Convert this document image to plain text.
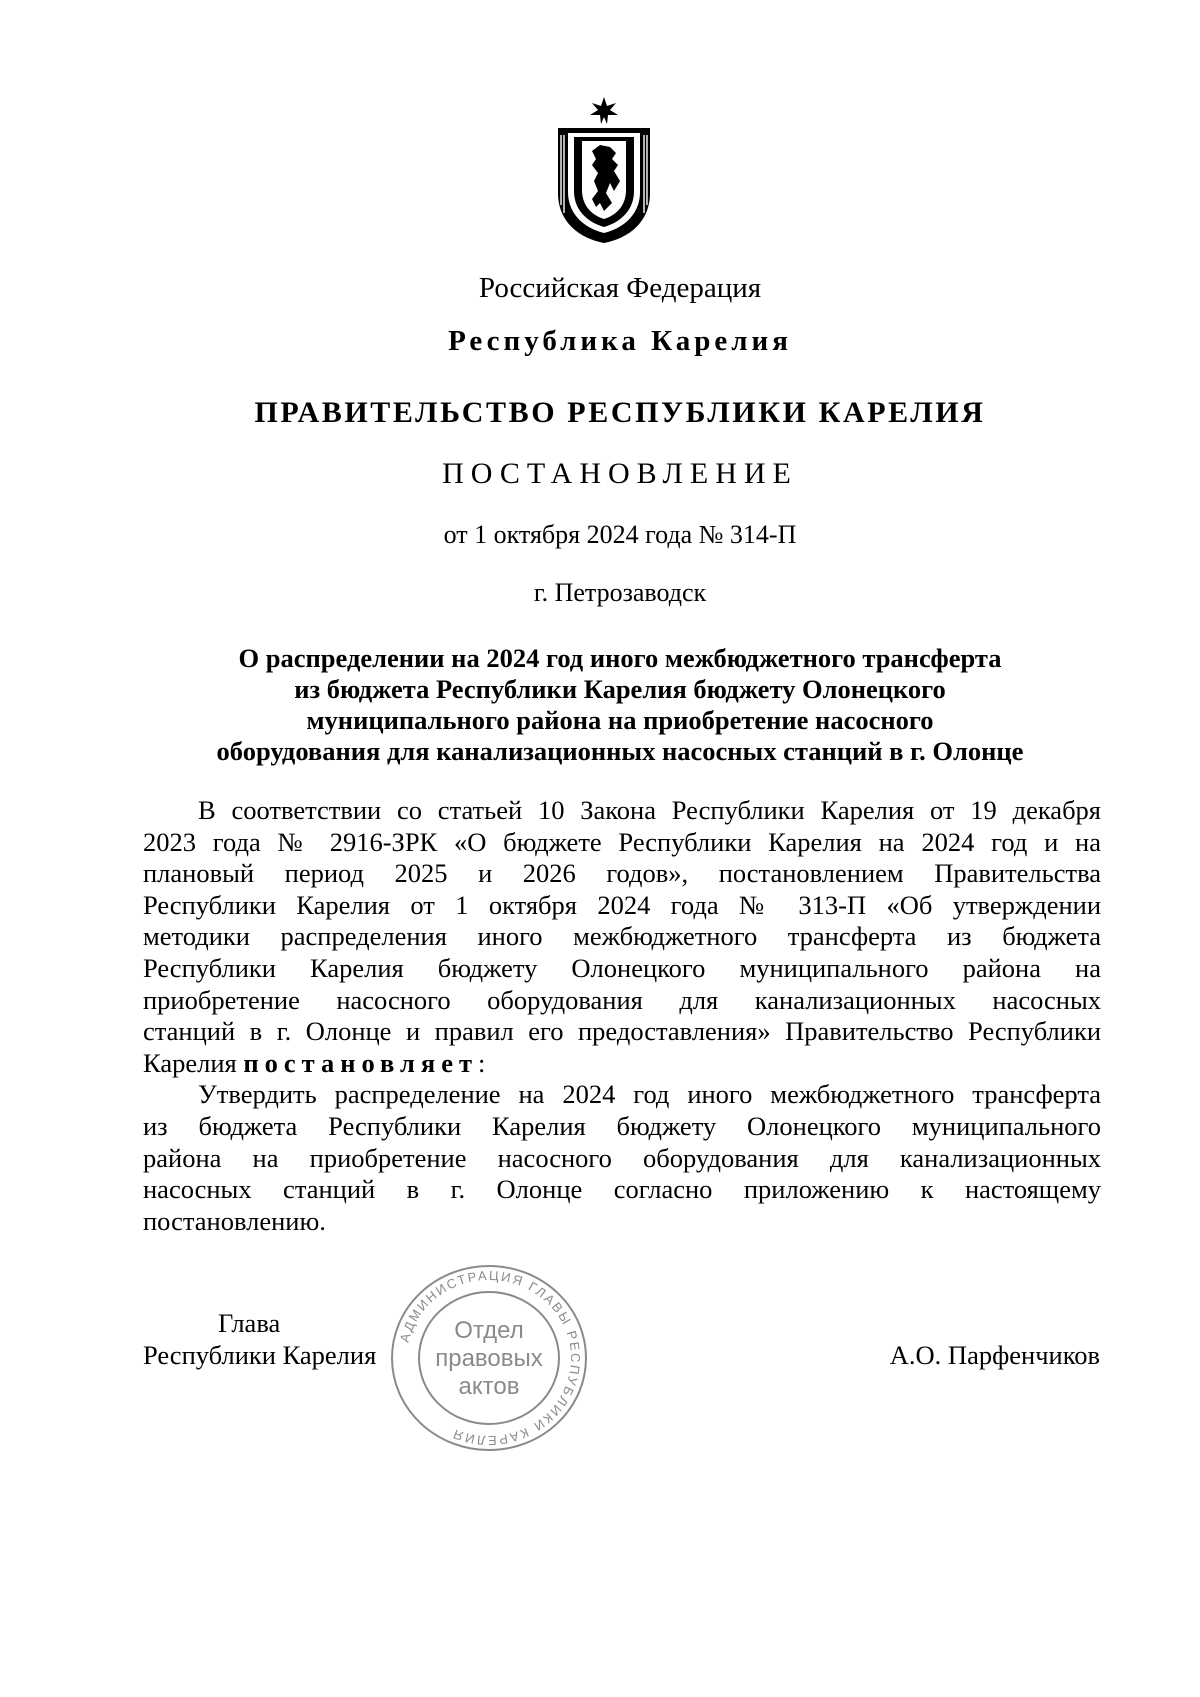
Российская Федерация
Республика Карелия
ПРАВИТЕЛЬСТВО РЕСПУБЛИКИ КАРЕЛИЯ
ПОСТАНОВЛЕНИЕ
от 1 октября 2024 года № 314-П
г. Петрозаводск
О распределении на 2024 год иного межбюджетного трансферта
из бюджета Республики Карелия бюджету Олонецкого
муниципального района на приобретение насосного
оборудования для канализационных насосных станций в г. Олонце
В соответствии со статьей 10 Закона Республики Карелия от 19 декабря
2023 года № 2916-ЗРК «О бюджете Республики Карелия на 2024 год и на
плановый период 2025 и 2026 годов», постановлением Правительства
Республики Карелия от 1 октября 2024 года № 313-П «Об утверждении
методики распределения иного межбюджетного трансферта из бюджета
Республики Карелия бюджету Олонецкого муниципального района на
приобретение насосного оборудования для канализационных насосных
станций в г. Олонце и правил его предоставления» Правительство Республики
Карелия постановляет:
Утвердить распределение на 2024 год иного межбюджетного трансферта
из бюджета Республики Карелия бюджету Олонецкого муниципального
района на приобретение насосного оборудования для канализационных
насосных станций в г. Олонце согласно приложению к настоящему
постановлению.
Глава
Республики Карелия	А.О. Парфенчиков
АДМИНИСТРАЦИЯ ГЛАВЫ РЕСПУБЛИКИ КАРЕЛИЯ
Отдел
правовых
актов
